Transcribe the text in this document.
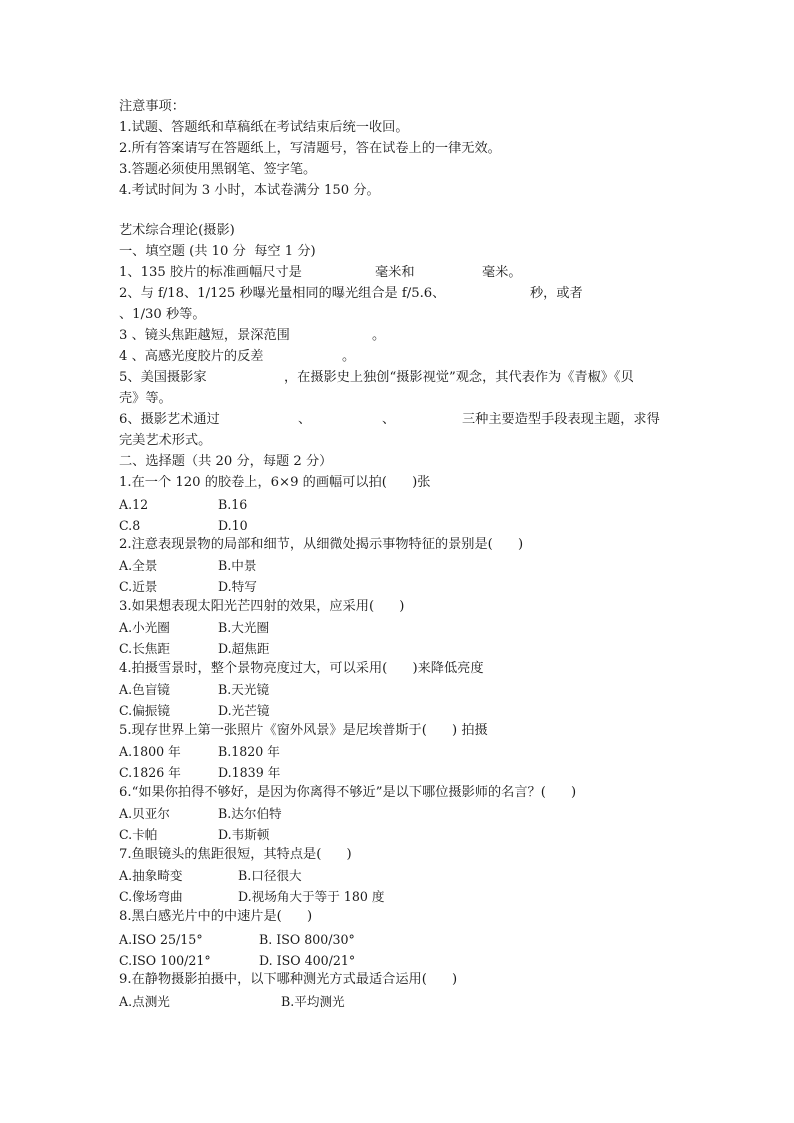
注意事项：
1.试题、答题纸和草稿纸在考试结束后统一收回。
2.所有答案请写在答题纸上，写清题号，答在试卷上的一律无效。
3.答题必须使用黑钢笔、签字笔。
4.考试时间为 3 小时，本试卷满分 150 分。
艺术综合理论(摄影)
一、填空题 (共 10 分  每空 1 分)
1、135 胶片的标准画幅尺寸是	毫米和	毫米。
2、与 f/18、1/125 秒曝光量相同的曝光组合是 f/5.6、	秒，或者
、1/30 秒等。
3 、镜头焦距越短，景深范围	。
4 、高感光度胶片的反差	。
5、美国摄影家	，在摄影史上独创“摄影视觉”观念，其代表作为《青椒》《贝
壳》等。
6、摄影艺术通过	、	、	三种主要造型手段表现主题，求得
完美艺术形式。
二、选择题（共 20 分，每题 2 分）
1.在一个 120 的胶卷上，6×9 的画幅可以拍(      )张
A.12	B.16
C.8	D.10
2.注意表现景物的局部和细节，从细微处揭示事物特征的景别是(      )
A.全景	B.中景
C.近景	D.特写
3.如果想表现太阳光芒四射的效果，应采用(      )
A.小光圈	B.大光圈
C.长焦距	D.超焦距
4.拍摄雪景时，整个景物亮度过大，可以采用(      )来降低亮度
A.色盲镜	B.天光镜
C.偏振镜	D.光芒镜
5.现存世界上第一张照片《窗外风景》是尼埃普斯于(      ) 拍摄
A.1800 年	B.1820 年
C.1826 年	D.1839 年
6.“如果你拍得不够好，是因为你离得不够近”是以下哪位摄影师的名言？(      )
A.贝亚尔	B.达尔伯特
C.卡帕	D.韦斯顿
7.鱼眼镜头的焦距很短，其特点是(      )
A.抽象畸变	B.口径很大
C.像场弯曲	D.视场角大于等于 180 度
8.黑白感光片中的中速片是(      )
A.ISO 25/15°	B. ISO 800/30°
C.ISO 100/21°	D. ISO 400/21°
9.在静物摄影拍摄中，以下哪种测光方式最适合运用(      )
A.点测光	B.平均测光
